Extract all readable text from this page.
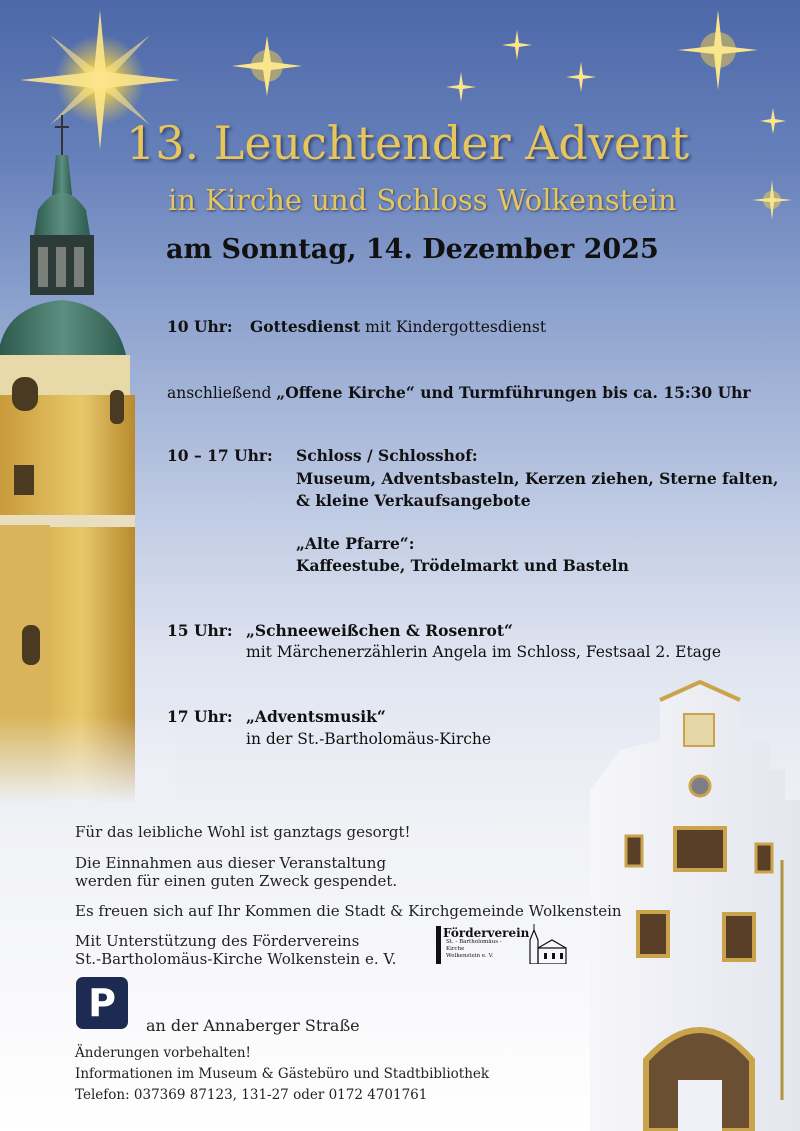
13. Leuchtender Advent
in Kirche und Schloss Wolkenstein
am Sonntag, 14. Dezember 2025
10 Uhr: Gottesdienst mit Kindergottesdienst
anschließend „Offene Kirche“ und Turmführungen bis ca. 15:30 Uhr
10 – 17 Uhr: Schloss / Schlosshof:
Museum, Adventsbasteln, Kerzen ziehen, Sterne falten,
& kleine Verkaufsangebote
„Alte Pfarre“:
Kaffeestube, Trödelmarkt und Basteln
15 Uhr: „Schneeweißchen & Rosenrot“
mit Märchenerzählerin Angela im Schloss, Festsaal 2. Etage
17 Uhr: „Adventsmusik“
in der St.-Bartholomäus-Kirche
Für das leibliche Wohl ist ganztags gesorgt!
Die Einnahmen aus dieser Veranstaltung
werden für einen guten Zweck gespendet.
Es freuen sich auf Ihr Kommen die Stadt & Kirchgemeinde Wolkenstein
Mit Unterstützung des Fördervereins
St.-Bartholomäus-Kirche Wolkenstein e. V.
Förderverein
St. - Bartholomäus -
Kirche
Wolkenstein e. V.
P
an der Annaberger Straße
Änderungen vorbehalten!
Informationen im Museum & Gästebüro und Stadtbibliothek
Telefon: 037369 87123, 131-27 oder 0172 4701761
